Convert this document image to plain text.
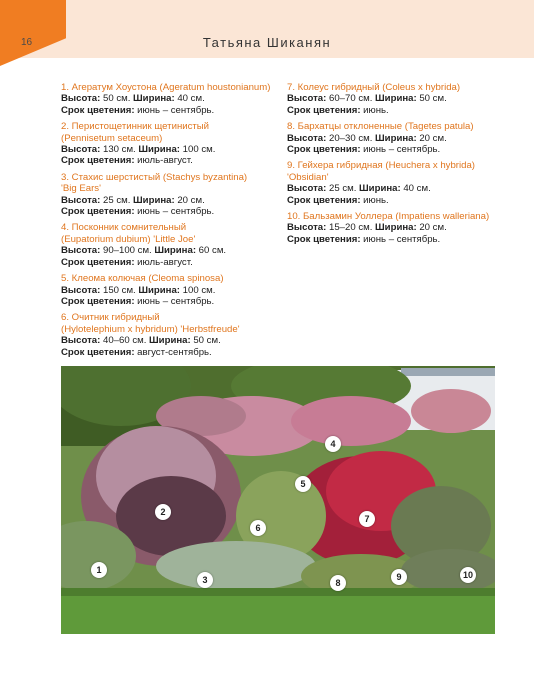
16	Татьяна Шиканян
1. Агератум Хоустона (Ageratum houstonianum)
Высота: 50 см. Ширина: 40 см.
Срок цветения: июнь – сентябрь.
2. Перистощетинник щетинистый
(Pennisetum setaceum)
Высота: 130 см. Ширина: 100 см.
Срок цветения: июль-август.
3. Стахис шерстистый (Stachys byzantina)
'Big Ears'
Высота: 25 см. Ширина: 20 см.
Срок цветения: июнь – сентябрь.
4. Посконник сомнительный
(Eupatorium dubium) 'Little Joe'
Высота: 90–100 см. Ширина: 60 см.
Срок цветения: июль-август.
5. Клеома колючая (Cleoma spinosa)
Высота: 150 см. Ширина: 100 см.
Срок цветения: июнь – сентябрь.
6. Очитник гибридный
(Hylotelephium x hybridum) 'Herbstfreude'
Высота: 40–60 см. Ширина: 50 см.
Срок цветения: август-сентябрь.
7. Колеус гибридный (Coleus x hybrida)
Высота: 60–70 см. Ширина: 50 см.
Срок цветения: июнь.
8. Бархатцы отклоненные (Tagetes patula)
Высота: 20–30 см. Ширина: 20 см.
Срок цветения: июнь – сентябрь.
9. Гейхера гибридная (Heuchera x hybrida)
'Obsidian'
Высота: 25 см. Ширина: 40 см.
Срок цветения: июнь.
10. Бальзамин Уоллера (Impatiens walleriana)
Высота: 15–20 см. Ширина: 20 см.
Срок цветения: июнь – сентябрь.
1
2
3
4
5
6
7
8
9	10
